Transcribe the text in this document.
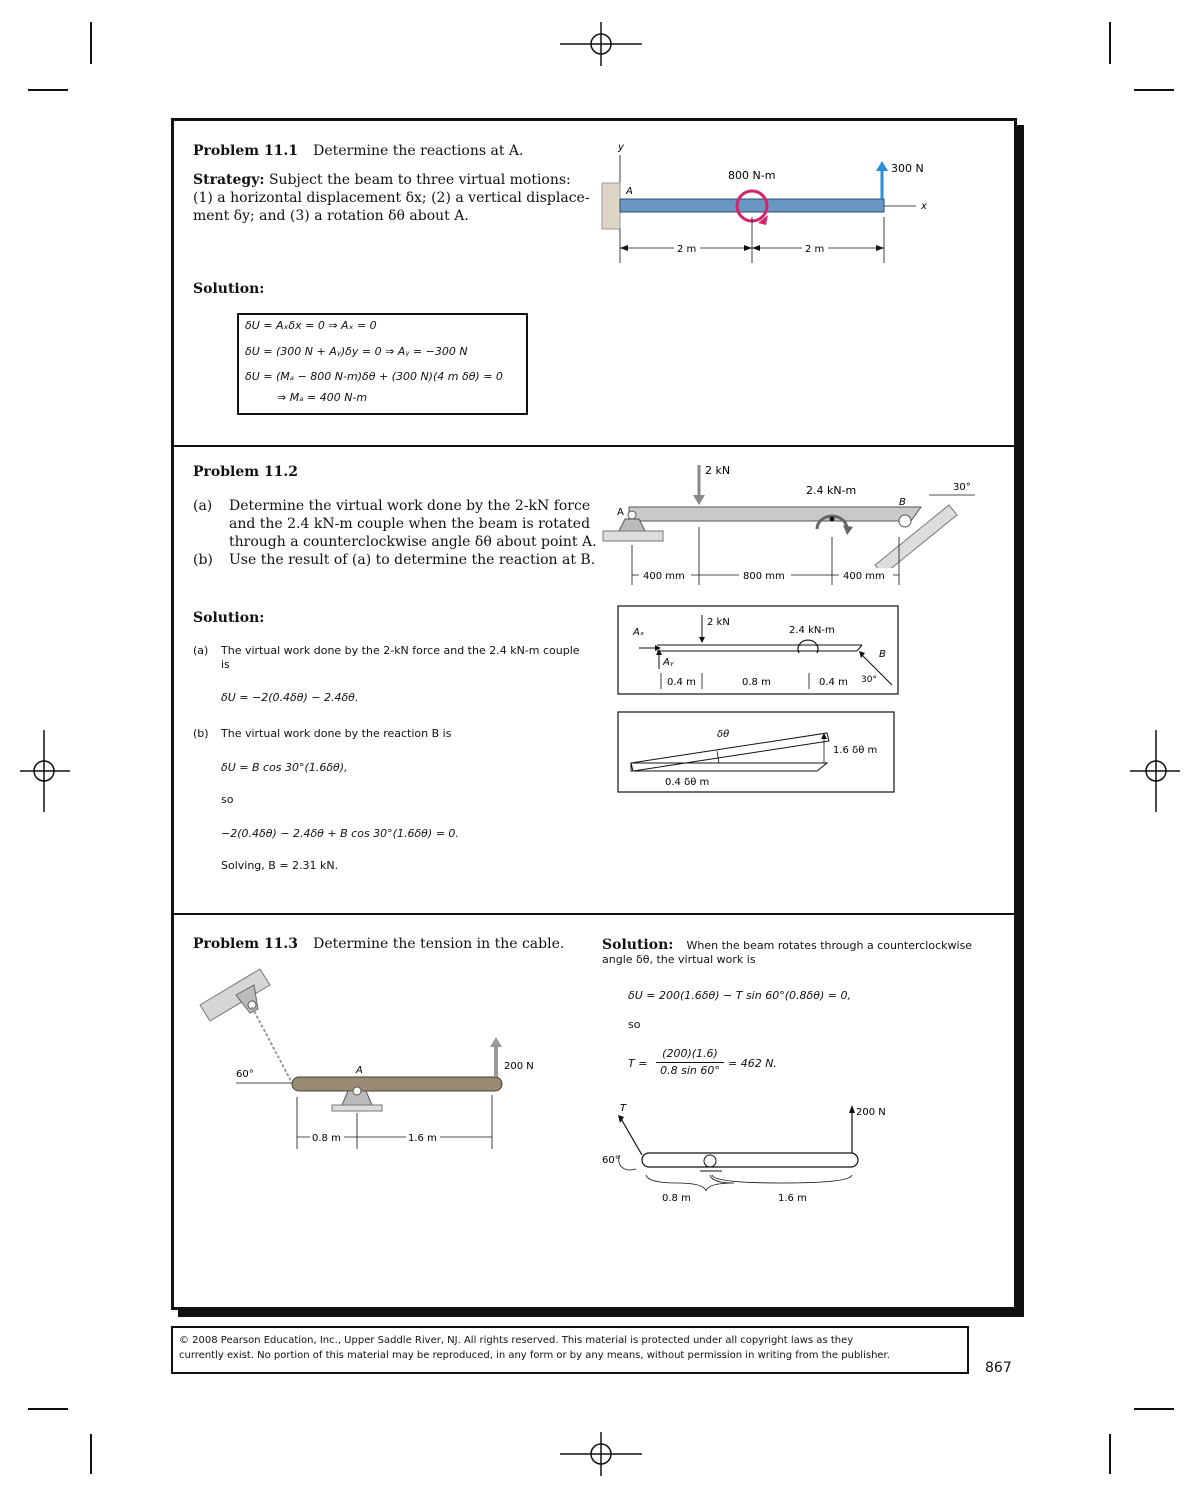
Problem 11.1 Determine the reactions at A.
Strategy: Subject the beam to three virtual motions:
(1) a horizontal displacement δx; (2) a vertical displace-
ment δy; and (3) a rotation δθ about A.
Solution:
δU = Aₓδx = 0 ⇒ Aₓ = 0
δU = (300 N + Aᵧ)δy = 0 ⇒ Aᵧ = −300 N
δU = (Mₐ − 800 N-m)δθ + (300 N)(4 m δθ) = 0
⇒ Mₐ = 400 N-m
y
A
x
800 N-m
300 N
2 m	2 m
Problem 11.2
(a) Determine the virtual work done by the 2-kN force
and the 2.4 kN-m couple when the beam is rotated
through a counterclockwise angle δθ about point A.
(b) Use the result of (a) to determine the reaction at B.
Solution:
(a) The virtual work done by the 2-kN force and the 2.4 kN-m couple
is
δU = −2(0.4δθ) − 2.4δθ.
(b) The virtual work done by the reaction B is
δU = B cos 30°(1.6δθ),
so
−2(0.4δθ) − 2.4δθ + B cos 30°(1.6δθ) = 0.
Solving, B = 2.31 kN.
2 kN
2.4 kN-m
A
B
30°
400 mm	800 mm	400 mm
2 kN
2.4 kN-m
Aₓ
Aᵧ
B
30°
0.4 m	0.8 m	0.4 m
δθ
1.6 δθ m
0.4 δθ m
Problem 11.3 Determine the tension in the cable.	Solution: When the beam rotates through a counterclockwise
angle δθ, the virtual work is
δU = 200(1.6δθ) − T sin 60°(0.8δθ) = 0,
so
T =
(200)(1.6)
0.8 sin 60°
= 462 N.
60°	A	200 N
0.8 m	1.6 m
T
60°
200 N
0.8 m	1.6 m
© 2008 Pearson Education, Inc., Upper Saddle River, NJ. All rights reserved. This material is protected under all copyright laws as they
currently exist. No portion of this material may be reproduced, in any form or by any means, without permission in writing from the publisher.
867
